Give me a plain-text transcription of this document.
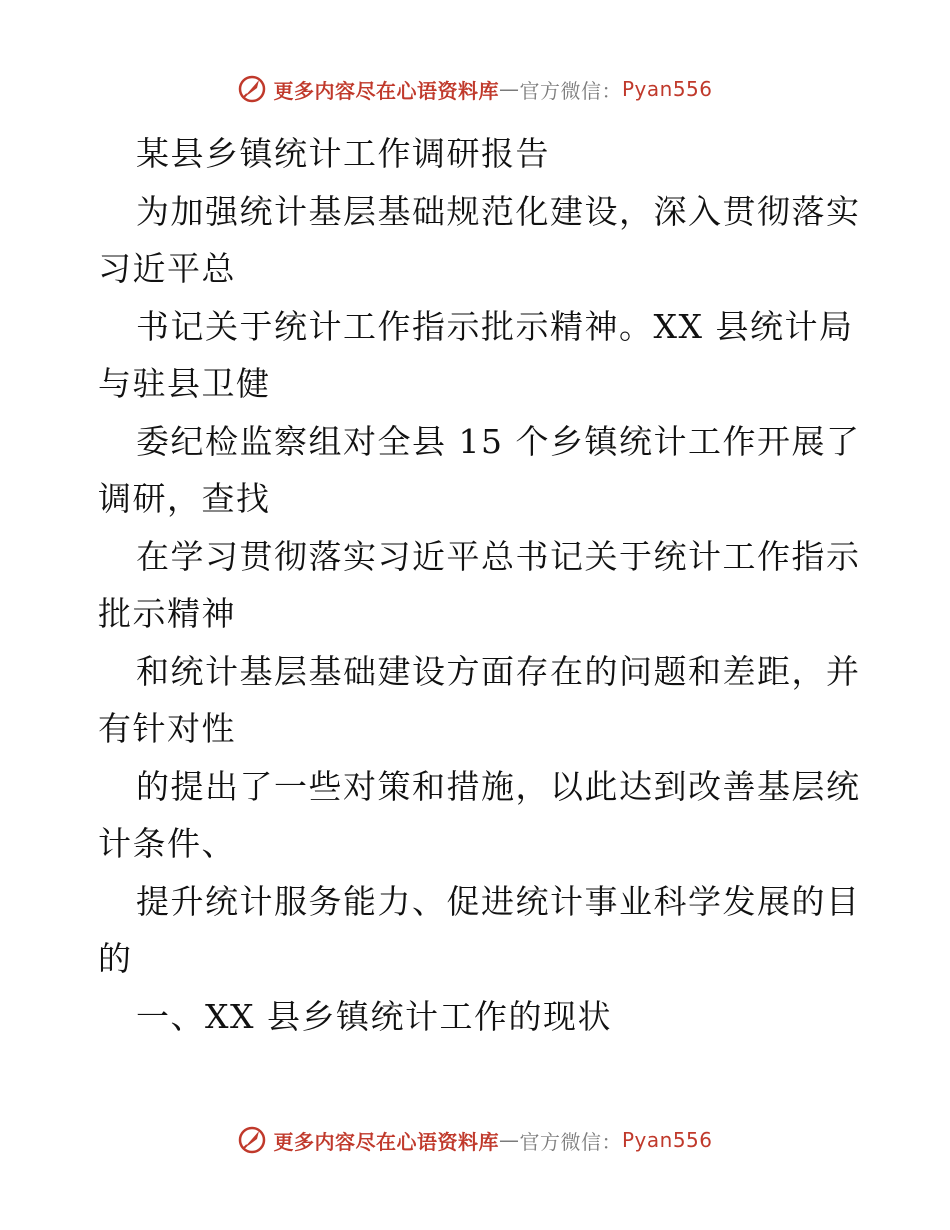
更多内容尽在心语资料库 — 官方微信： Pyan556
某县乡镇统计工作调研报告
为加强统计基层基础规范化建设，深入贯彻落实
习近平总
书记关于统计工作指示批示精神。XX 县统计局
与驻县卫健
委纪检监察组对全县 15 个乡镇统计工作开展了
调研，查找
在学习贯彻落实习近平总书记关于统计工作指示
批示精神
和统计基层基础建设方面存在的问题和差距，并
有针对性
的提出了一些对策和措施，以此达到改善基层统
计条件、
提升统计服务能力、促进统计事业科学发展的目
的
一、XX 县乡镇统计工作的现状
更多内容尽在心语资料库 — 官方微信： Pyan556
